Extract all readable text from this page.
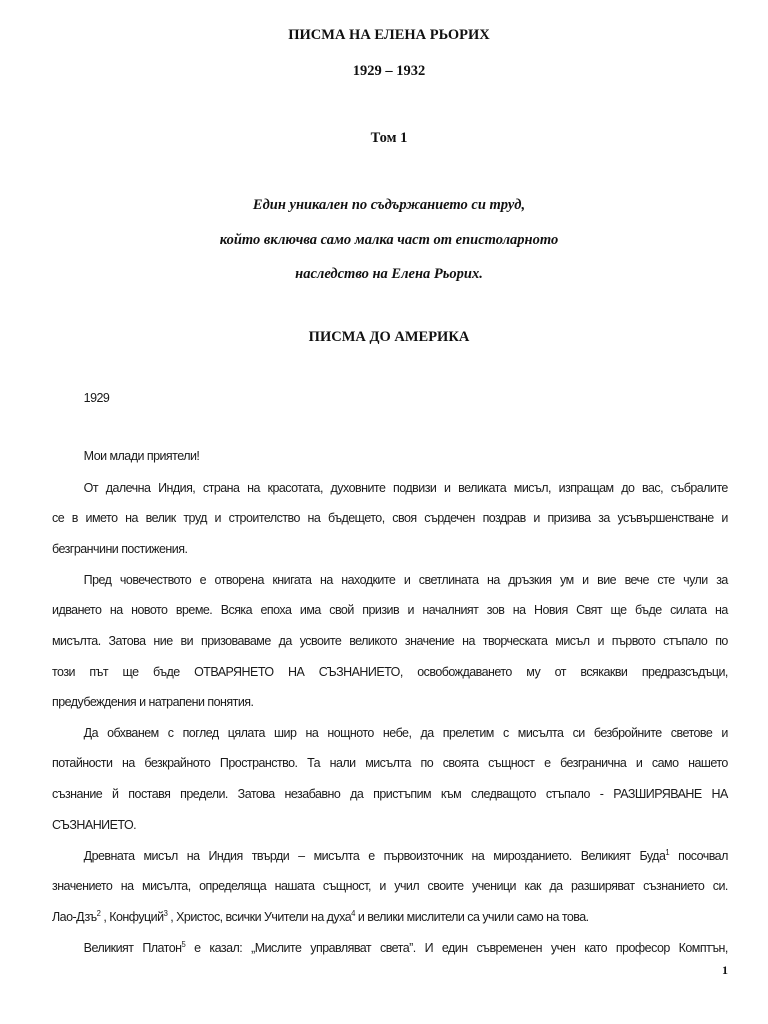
ПИСМА НА ЕЛЕНА РЬОРИХ
1929 – 1932
Том 1
Един уникален по съдържанието си труд,
който включва само малка част от епистоларното
наследство на Елена Рьорих.
ПИСМА ДО АМЕРИКА
1929
Мои млади приятели!
От далечна Индия, страна на красотата, духовните подвизи и великата мисъл, изпращам до вас, събралите
се в името на велик труд и строителство на бъдещето, своя сърдечен поздрав и призива за усъвършенстване и
безгранчини постижения.
Пред човечеството е отворена книгата на находките и светлината на дръзкия ум и вие вече сте чули за
идването на новото време. Всяка епоха има свой призив и началният зов на Новия Свят ще бъде силата на
мисълта. Затова ние ви призоваваме да усвоите великото значение на творческата мисъл и първото стъпало по
този път ще бъде ОТВАРЯНЕТО НА СЪЗНАНИЕТО, освобождаването му от всякакви предразсъдъци,
предубеждения и натрапени понятия.
Да обхванем с поглед цялата шир на нощното небе, да прелетим с мисълта си безбройните светове и
потайности на безкрайното Пространство. Та нали мисълта по своята същност е безгранична и само нашето
съзнание й поставя предели. Затова незабавно да пристъпим към следващото стъпало - РАЗШИРЯВАНЕ НА
СЪЗНАНИЕТО.
Древната мисъл на Индия твърди – мисълта е първоизточник на мирозданието. Великият Буда$^1$ посочвал
значението на мисълта, определяща нашата същност, и учил своите ученици как да разширяват съзнанието си.
Лао-Дзъ$^2$ , Конфуций$^3$ , Христос, всички Учители на духа$^4$ и велики мислители са учили само на това.
Великият Платон$^5$ е казал: „Мислите управляват света”. И един съвременен учен като професор Комптън,
1
